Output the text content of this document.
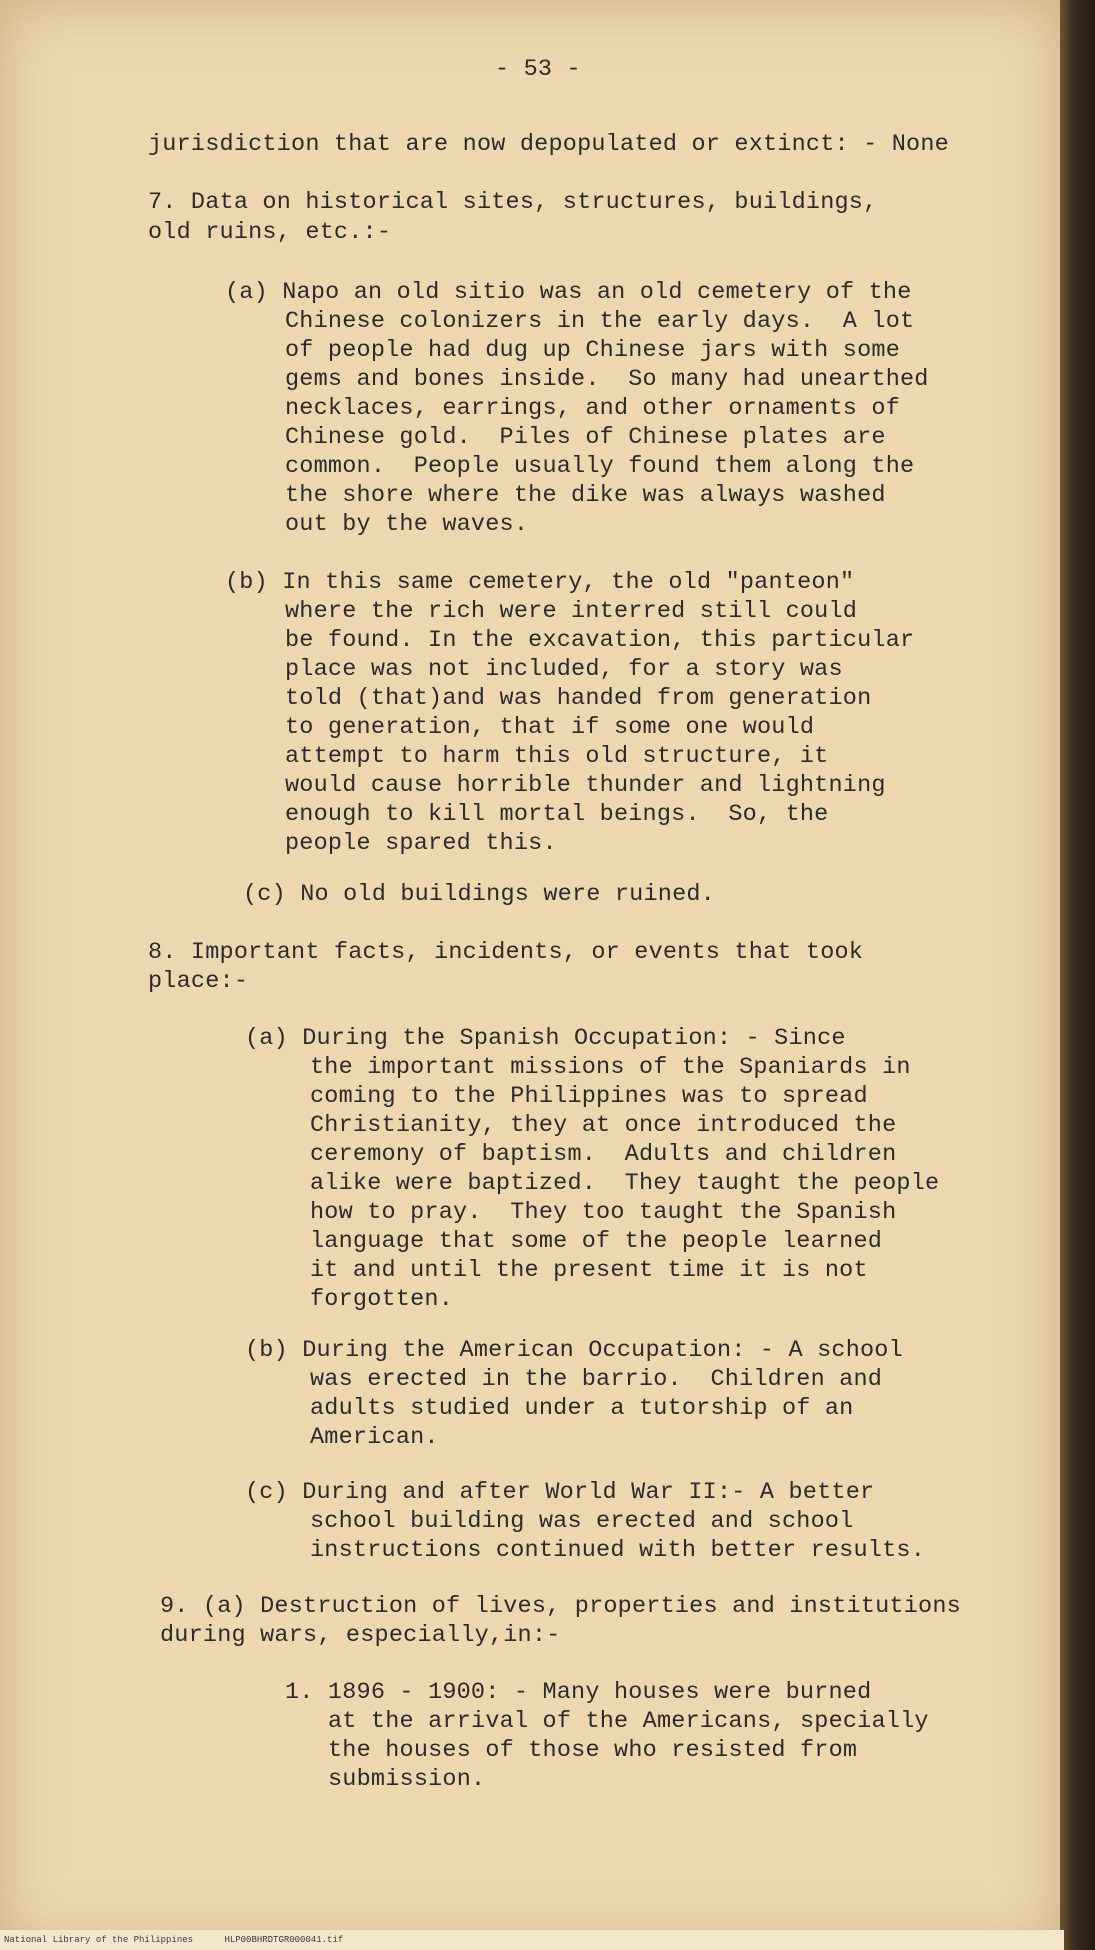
- 53 -
jurisdiction that are now depopulated or extinct: - None
7. Data on historical sites, structures, buildings,
old ruins, etc.:-
(a) Napo an old sitio was an old cemetery of the
Chinese colonizers in the early days.  A lot
of people had dug up Chinese jars with some
gems and bones inside.  So many had unearthed
necklaces, earrings, and other ornaments of
Chinese gold.  Piles of Chinese plates are
common.  People usually found them along the
the shore where the dike was always washed
out by the waves.
(b) In this same cemetery, the old "panteon"
where the rich were interred still could
be found. In the excavation, this particular
place was not included, for a story was
told (that)and was handed from generation
to generation, that if some one would
attempt to harm this old structure, it
would cause horrible thunder and lightning
enough to kill mortal beings.  So, the
people spared this.
(c) No old buildings were ruined.
8. Important facts, incidents, or events that took
place:-
(a) During the Spanish Occupation: - Since
the important missions of the Spaniards in
coming to the Philippines was to spread
Christianity, they at once introduced the
ceremony of baptism.  Adults and children
alike were baptized.  They taught the people
how to pray.  They too taught the Spanish
language that some of the people learned
it and until the present time it is not
forgotten.
(b) During the American Occupation: - A school
was erected in the barrio.  Children and
adults studied under a tutorship of an
American.
(c) During and after World War II:- A better
school building was erected and school
instructions continued with better results.
9. (a) Destruction of lives, properties and institutions
during wars, especially,in:-
1. 1896 - 1900: - Many houses were burned
at the arrival of the Americans, specially
the houses of those who resisted from
submission.
National Library of the Philippines	HLP00BHRDTGR000041.tif
